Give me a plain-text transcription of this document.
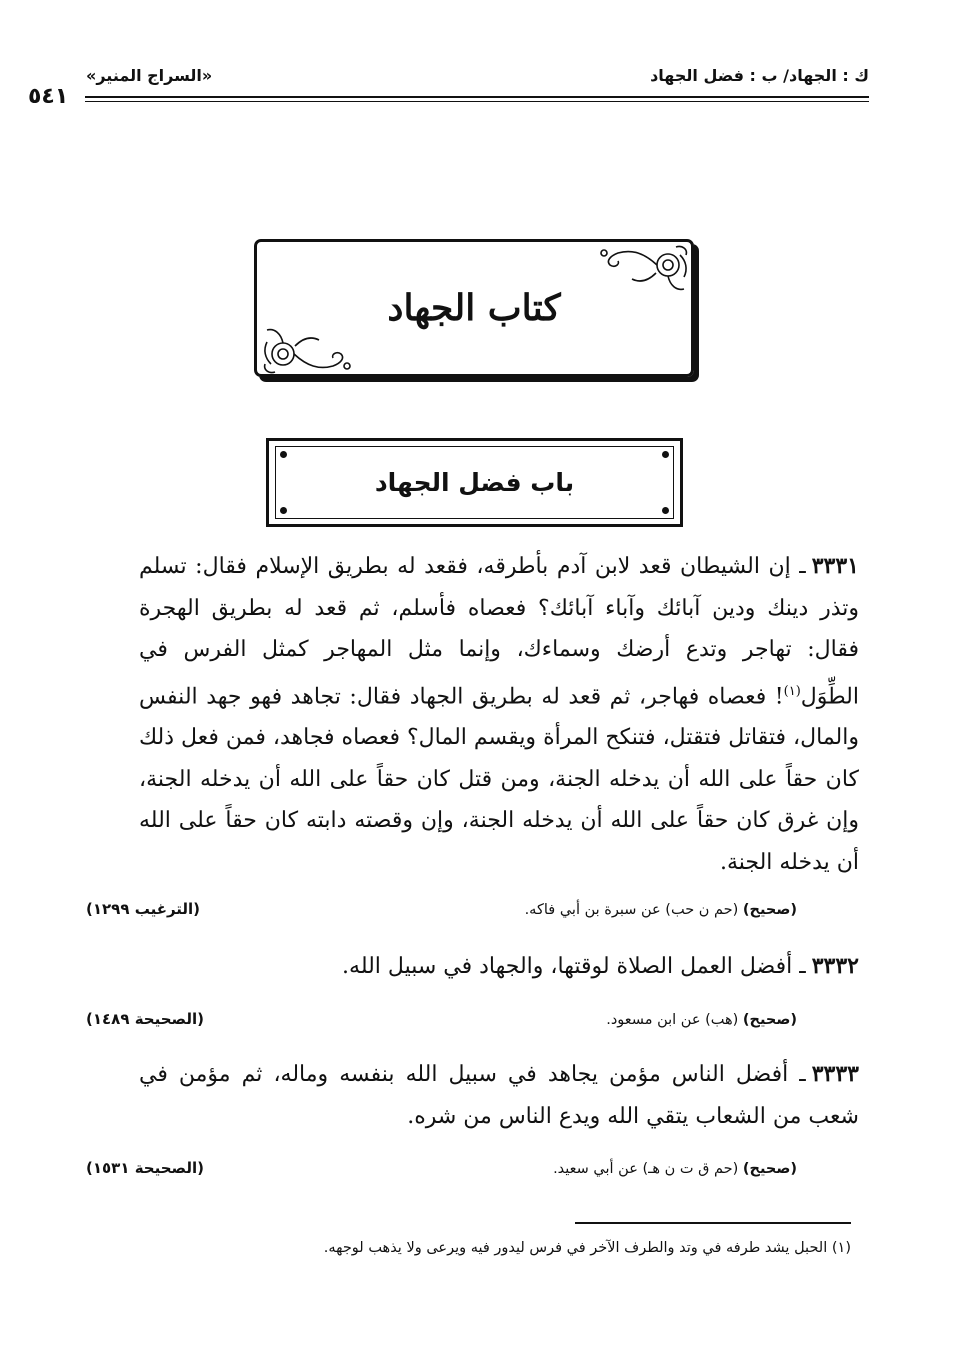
ك : الجهاد/ ب : فضل الجهاد
«السراج المنير»
٥٤١
كتاب الجهاد
باب فضل الجهاد
٣٣٣١ـ إن الشيطان قعد لابن آدم بأطرقه، فقعد له بطريق الإسلام فقال: تسلم وتذر دينك ودين آبائك وآباء آبائك؟ فعصاه فأسلم، ثم قعد له بطريق الهجرة فقال: تهاجر وتدع أرضك وسماءك، وإنما مثل المهاجر كمثل الفرس في الطِّوَل$^{(١)}$! فعصاه فهاجر، ثم قعد له بطريق الجهاد فقال: تجاهد فهو جهد النفس والمال، فتقاتل فتقتل، فتنكح المرأة ويقسم المال؟ فعصاه فجاهد، فمن فعل ذلك كان حقاً على الله أن يدخله الجنة، ومن قتل كان حقاً على الله أن يدخله الجنة، وإن غرق كان حقاً على الله أن يدخله الجنة، وإن وقصته دابته كان حقاً على الله أن يدخله الجنة.
(صحيح) (حم ن حب) عن سبرة بن أبي فاكه.
(الترغيب ١٢٩٩)
٣٣٣٢ـ أفضل العمل الصلاة لوقتها، والجهاد في سبيل الله.
(صحيح) (هب) عن ابن مسعود.
(الصحيحة ١٤٨٩)
٣٣٣٣ـ أفضل الناس مؤمن يجاهد في سبيل الله بنفسه وماله، ثم مؤمن في شعب من الشعاب يتقي الله ويدع الناس من شره.
(صحيح) (حم ق ت ن هـ) عن أبي سعيد.
(الصحيحة ١٥٣١)
(١) الحبل يشد طرفه في وتد والطرف الآخر في فرس ليدور فيه ويرعى ولا يذهب لوجهه.
